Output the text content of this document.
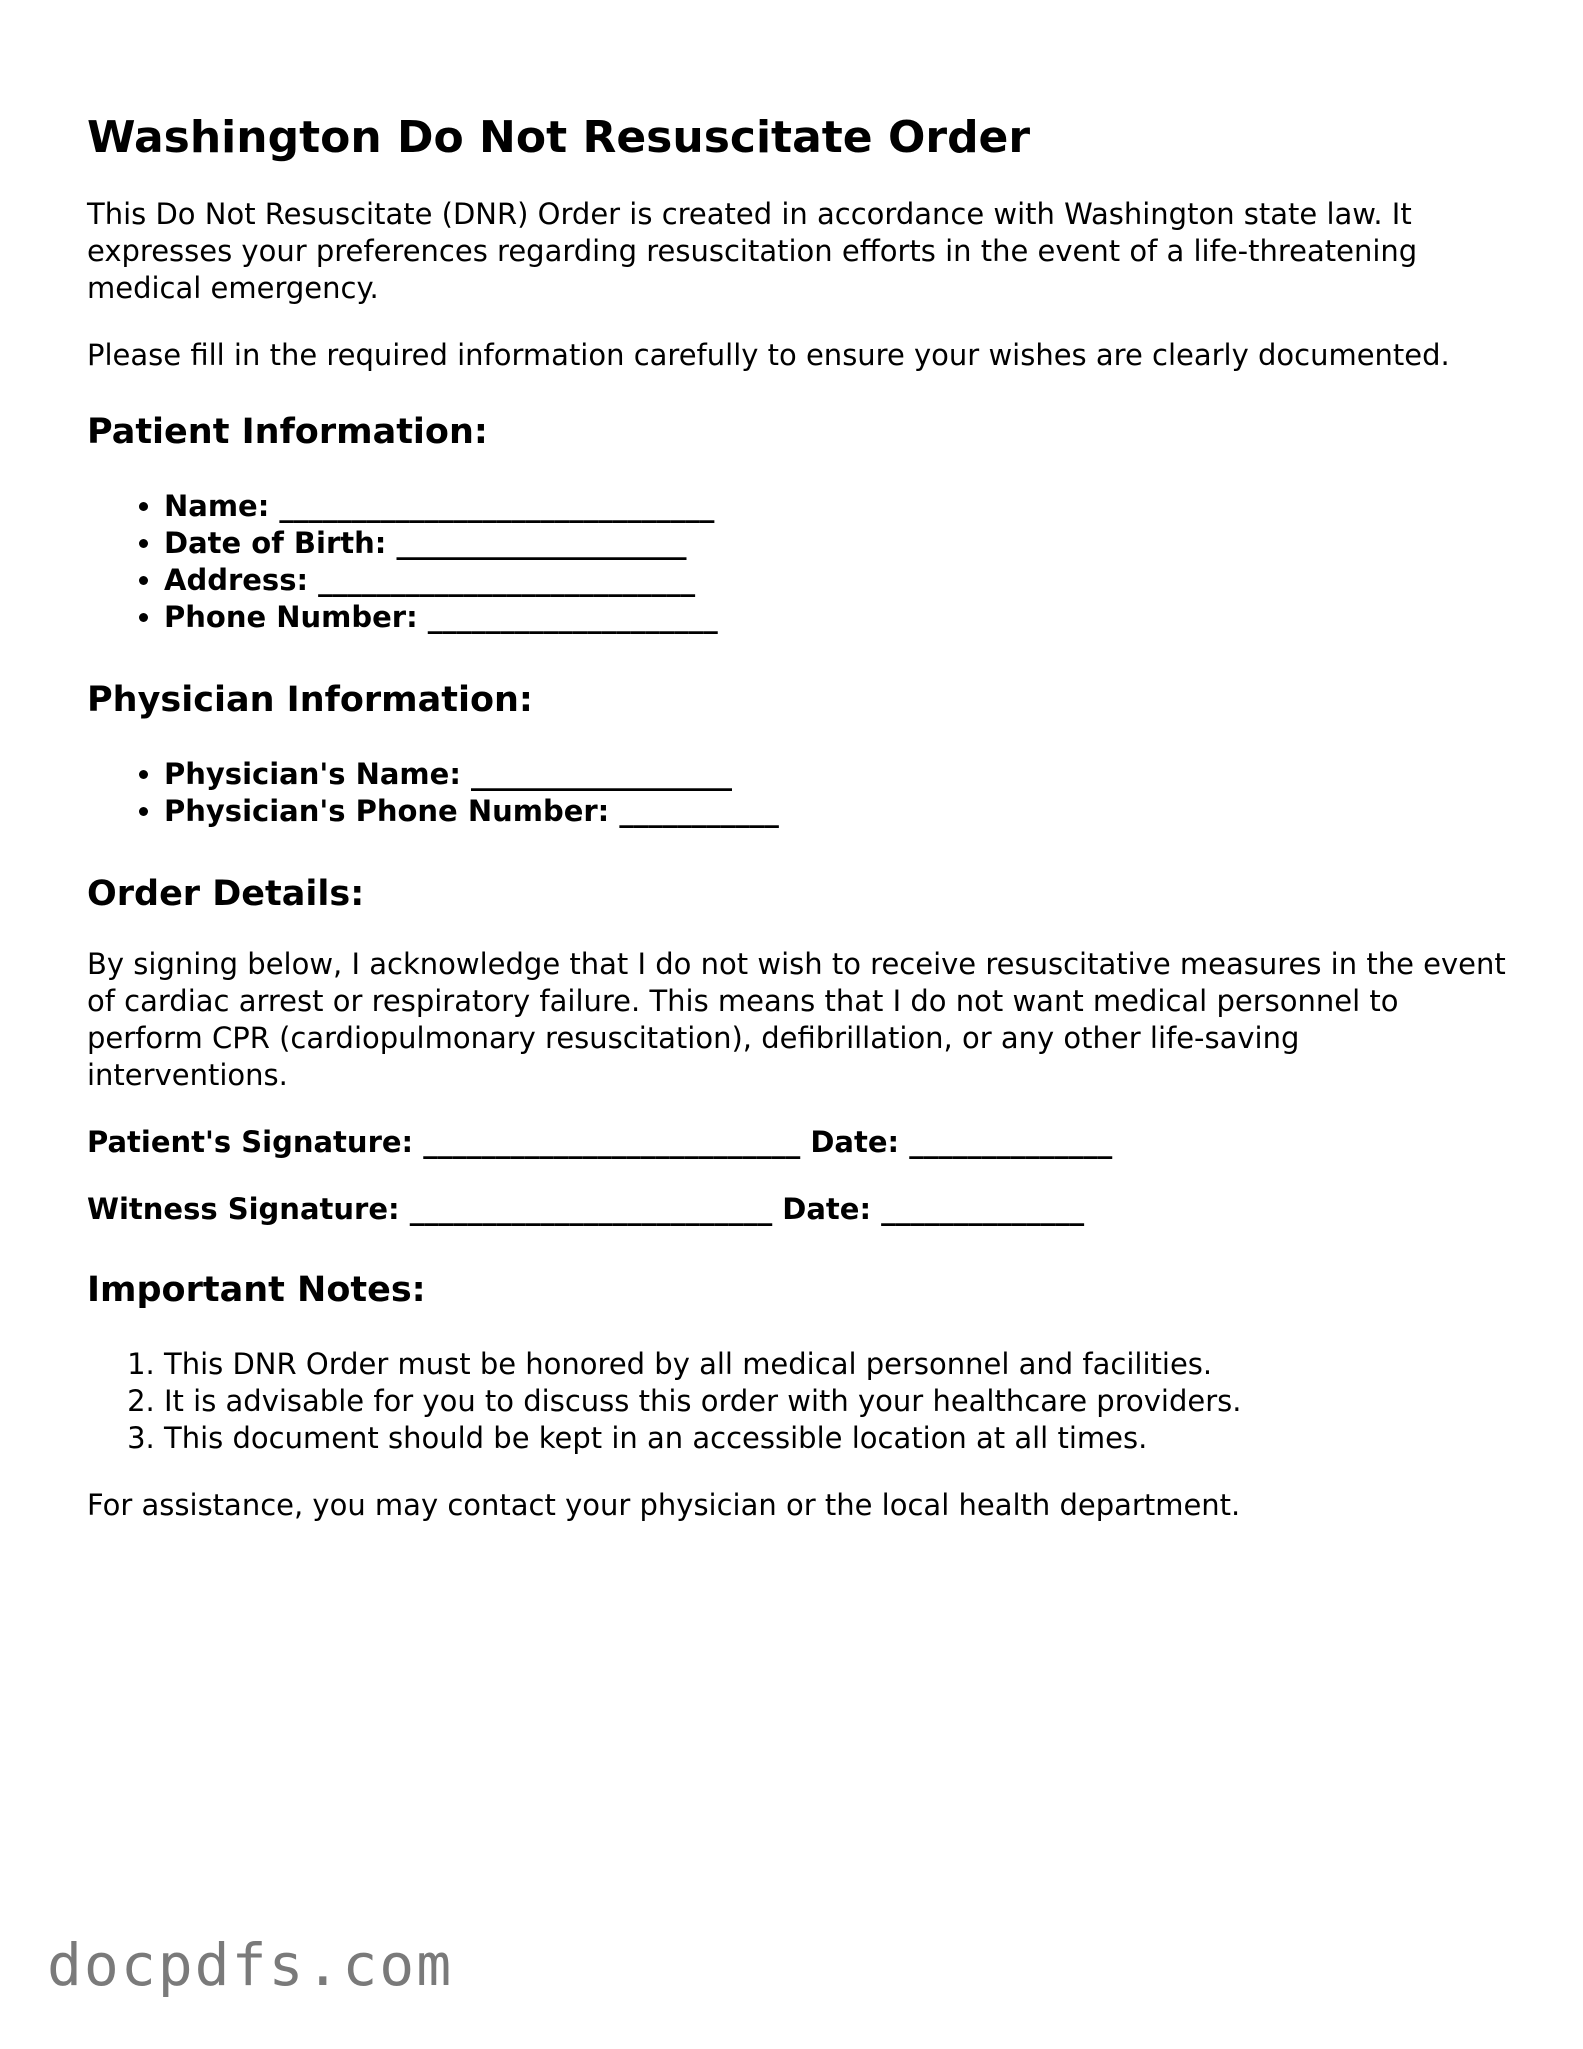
Washington Do Not Resuscitate Order

This Do Not Resuscitate (DNR) Order is created in accordance with Washington state law. It expresses your preferences regarding resuscitation efforts in the event of a life-threatening medical emergency.

Please fill in the required information carefully to ensure your wishes are clearly documented.

Patient Information:
• Name: ______________________________
• Date of Birth: ____________________
• Address: __________________________
• Phone Number: ____________________
Physician Information:
• Physician's Name: __________________
• Physician's Phone Number: ___________
Order Details:

By signing below, I acknowledge that I do not wish to receive resuscitative measures in the event of cardiac arrest or respiratory failure. This means that I do not want medical personnel to perform CPR (cardiopulmonary resuscitation), defibrillation, or any other life-saving interventions.

Patient's Signature: __________________________ Date: ______________
Witness Signature: _________________________ Date: ______________
Important Notes:
1. This DNR Order must be honored by all medical personnel and facilities.
2. It is advisable for you to discuss this order with your healthcare providers.
3. This document should be kept in an accessible location at all times.

For assistance, you may contact your physician or the local health department.

docpdfs.com
